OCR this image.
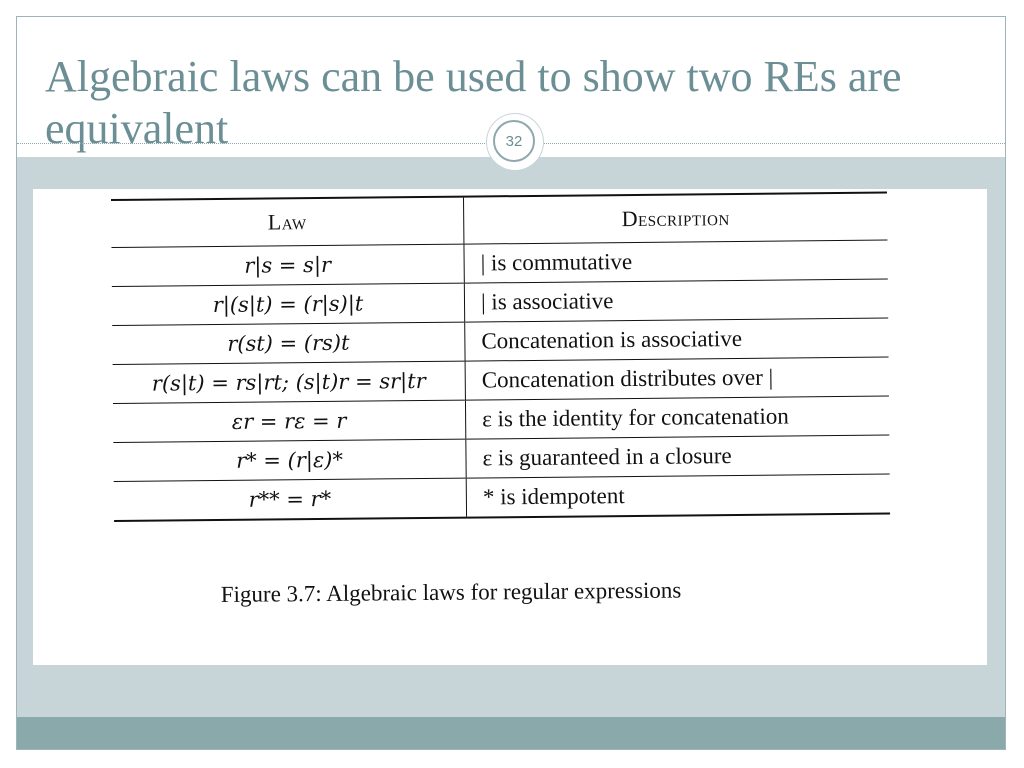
Algebraic laws can be used to show two REs are equivalent	32
Law	Description
r|s = s|r	| is commutative
r|(s|t) = (r|s)|t	| is associative
r(st) = (rs)t	Concatenation is associative
r(s|t) = rs|rt; (s|t)r = sr|tr	Concatenation distributes over |
εr = rε = r	ε is the identity for concatenation
r* = (r|ε)*	ε is guaranteed in a closure
r** = r*	* is idempotent
Figure 3.7: Algebraic laws for regular expressions
